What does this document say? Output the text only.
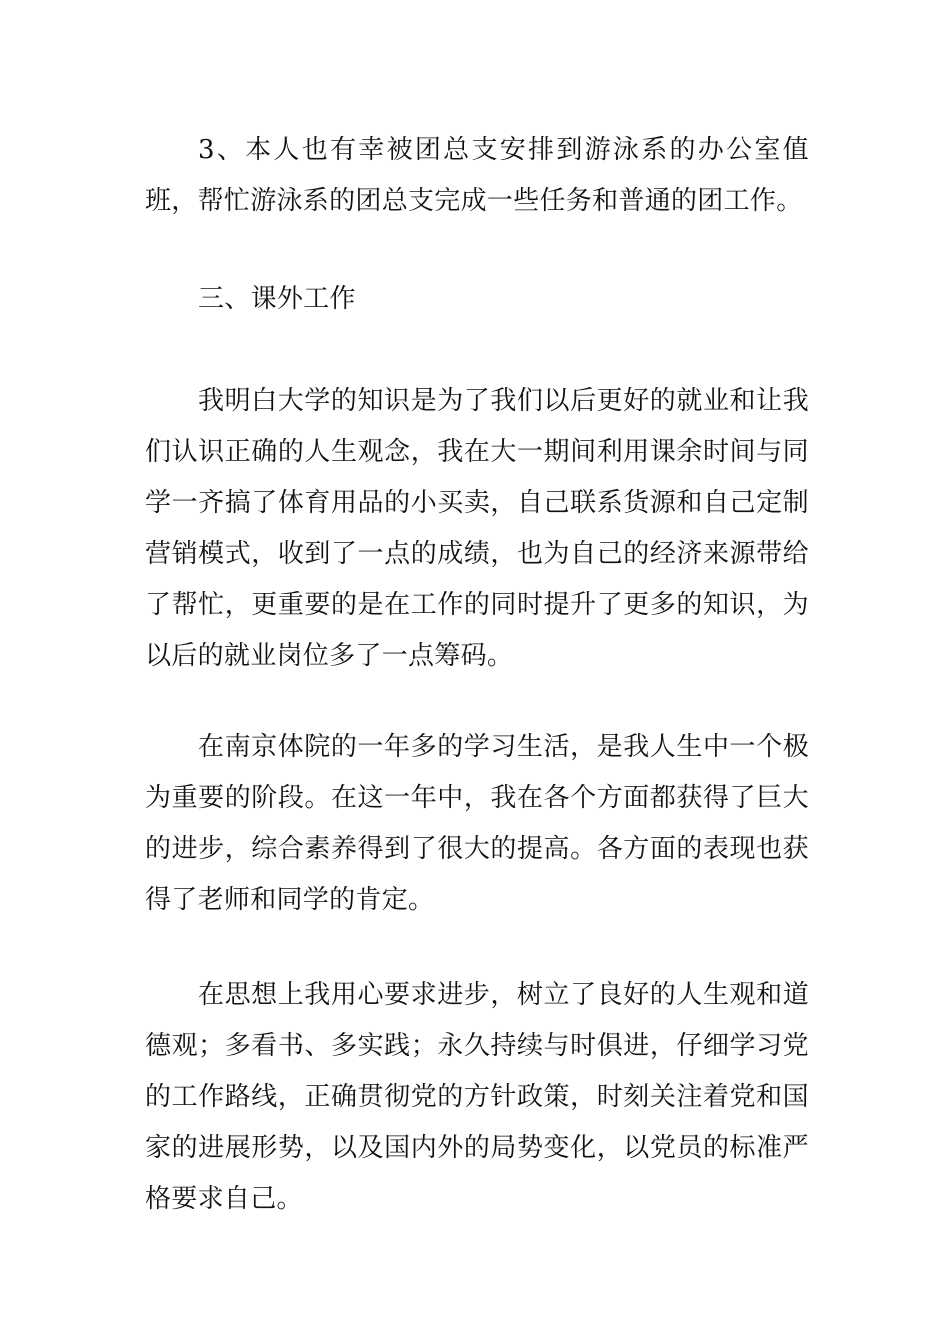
3、本人也有幸被团总支安排到游泳系的办公室值班，帮忙游泳系的团总支完成一些任务和普通的团工作。

三、课外工作

我明白大学的知识是为了我们以后更好的就业和让我们认识正确的人生观念，我在大一期间利用课余时间与同学一齐搞了体育用品的小买卖，自己联系货源和自己定制营销模式，收到了一点的成绩，也为自己的经济来源带给了帮忙，更重要的是在工作的同时提升了更多的知识，为以后的就业岗位多了一点筹码。

在南京体院的一年多的学习生活，是我人生中一个极为重要的阶段。在这一年中，我在各个方面都获得了巨大的进步，综合素养得到了很大的提高。各方面的表现也获得了老师和同学的肯定。

在思想上我用心要求进步，树立了良好的人生观和道德观；多看书、多实践；永久持续与时俱进，仔细学习党的工作路线，正确贯彻党的方针政策，时刻关注着党和国家的进展形势，以及国内外的局势变化，以党员的标准严格要求自己。
